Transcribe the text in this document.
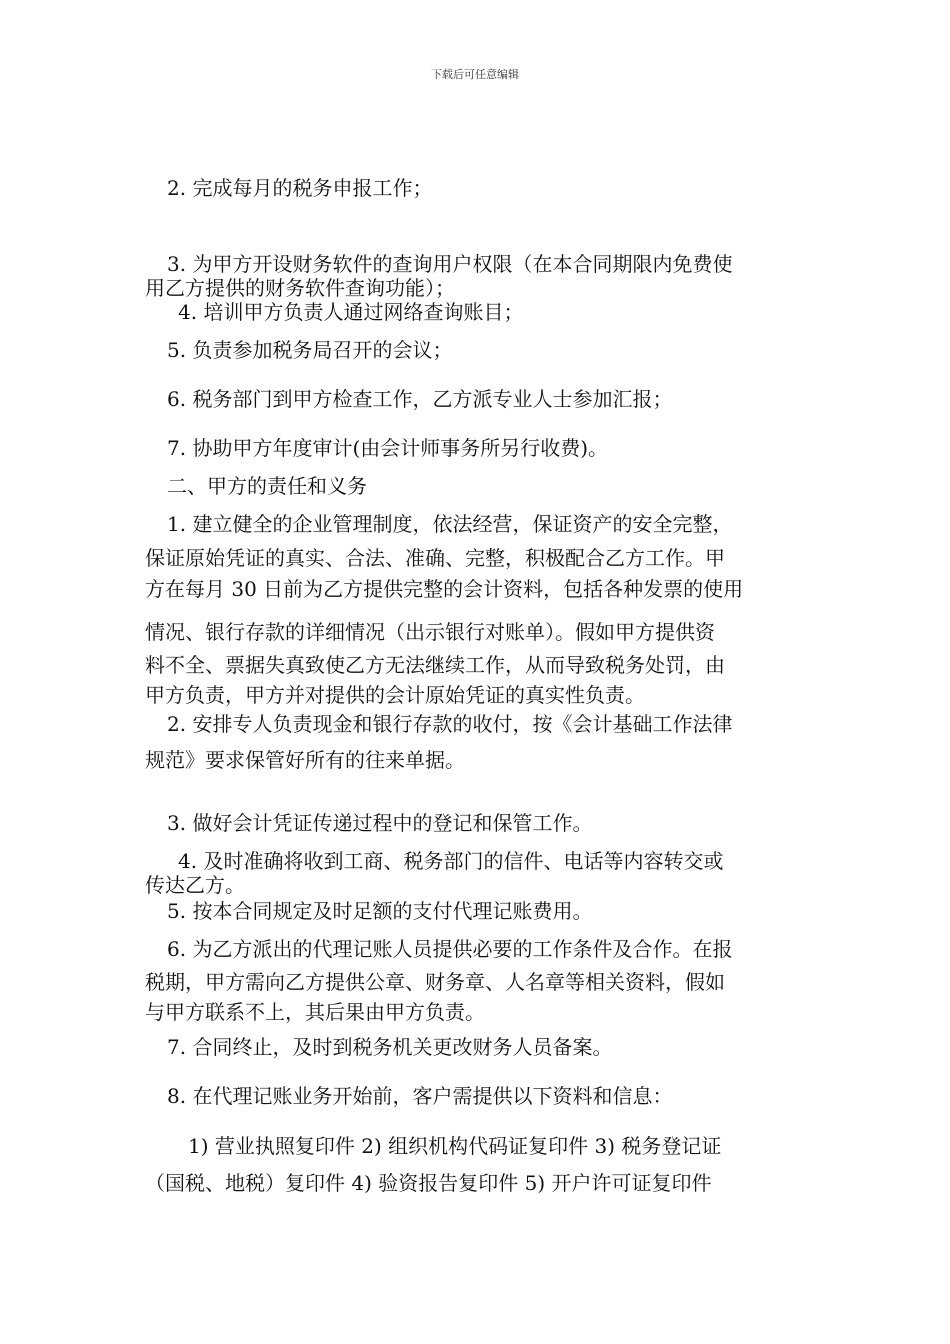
下载后可任意编辑
2. 完成每月的税务申报工作；
3. 为甲方开设财务软件的查询用户权限（在本合同期限内免费使
用乙方提供的财务软件查询功能）；
4. 培训甲方负责人通过网络查询账目；
5. 负责参加税务局召开的会议；
6. 税务部门到甲方检查工作，乙方派专业人士参加汇报；
7. 协助甲方年度审计(由会计师事务所另行收费)。
二、甲方的责任和义务
1. 建立健全的企业管理制度，依法经营，保证资产的安全完整，
保证原始凭证的真实、合法、准确、完整，积极配合乙方工作。甲
方在每月 30 日前为乙方提供完整的会计资料，包括各种发票的使用
情况、银行存款的详细情况（出示银行对账单）。假如甲方提供资
料不全、票据失真致使乙方无法继续工作，从而导致税务处罚，由
甲方负责，甲方并对提供的会计原始凭证的真实性负责。
2. 安排专人负责现金和银行存款的收付，按《会计基础工作法律
规范》要求保管好所有的往来单据。
3. 做好会计凭证传递过程中的登记和保管工作。
4. 及时准确将收到工商、税务部门的信件、电话等内容转交或
传达乙方。
5. 按本合同规定及时足额的支付代理记账费用。
6. 为乙方派出的代理记账人员提供必要的工作条件及合作。在报
税期，甲方需向乙方提供公章、财务章、人名章等相关资料，假如
与甲方联系不上，其后果由甲方负责。
7. 合同终止，及时到税务机关更改财务人员备案。
8. 在代理记账业务开始前，客户需提供以下资料和信息：
1) 营业执照复印件 2) 组织机构代码证复印件 3) 税务登记证
（国税、地税）复印件 4) 验资报告复印件 5) 开户许可证复印件
